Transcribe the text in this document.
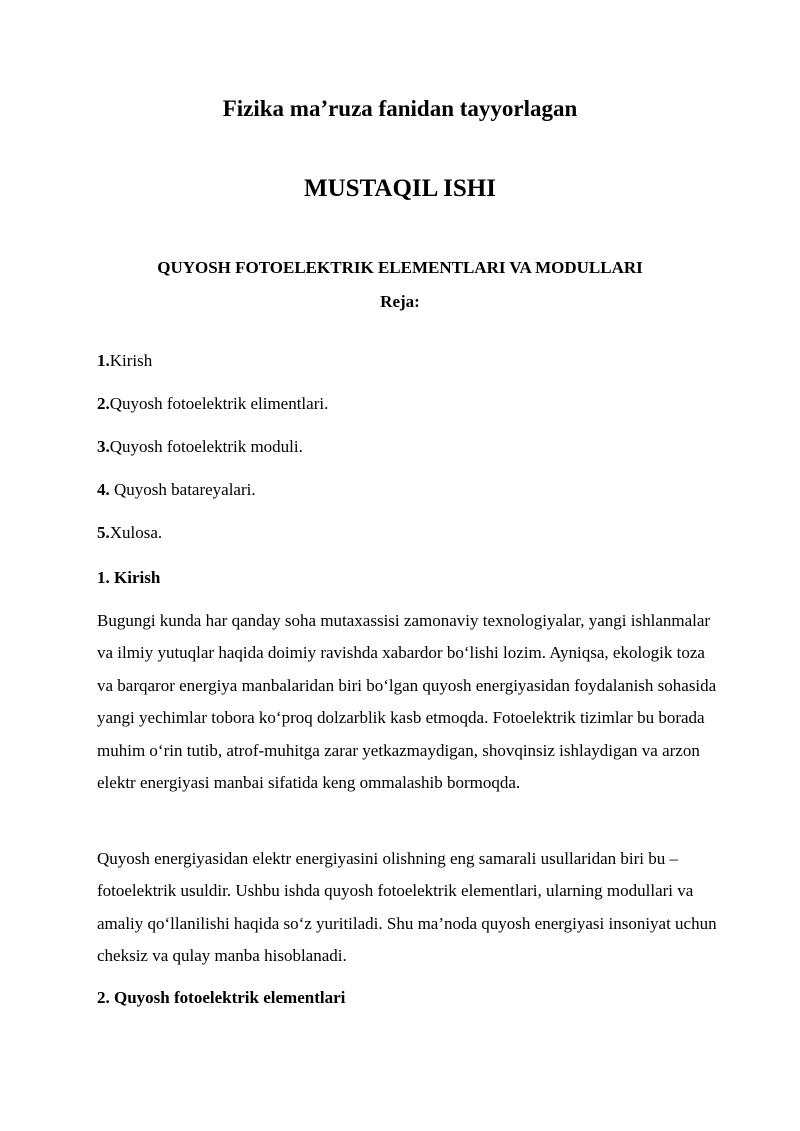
Fizika ma’ruza fanidan tayyorlagan

MUSTAQIL ISHI

QUYOSH FOTOELEKTRIK ELEMENTLARI VA MODULLARI

Reja:

1.Kirish
2.Quyosh fotoelektrik elimentlari.
3.Quyosh fotoelektrik moduli.
4. Quyosh batareyalari.
5.Xulosa.

1. Kirish

Bugungi kunda har qanday soha mutaxassisi zamonaviy texnologiyalar, yangi ishlanmalar va ilmiy yutuqlar haqida doimiy ravishda xabardor bo‘lishi lozim. Ayniqsa, ekologik toza va barqaror energiya manbalaridan biri bo‘lgan quyosh energiyasidan foydalanish sohasida yangi yechimlar tobora ko‘proq dolzarblik kasb etmoqda. Fotoelektrik tizimlar bu borada muhim o‘rin tutib, atrof-muhitga zarar yetkazmaydigan, shovqinsiz ishlaydigan va arzon elektr energiyasi manbai sifatida keng ommalashib bormoqda.

Quyosh energiyasidan elektr energiyasini olishning eng samarali usullaridan biri bu – fotoelektrik usuldir. Ushbu ishda quyosh fotoelektrik elementlari, ularning modullari va amaliy qo‘llanilishi haqida so‘z yuritiladi. Shu ma’noda quyosh energiyasi insoniyat uchun cheksiz va qulay manba hisoblanadi.

2. Quyosh fotoelektrik elementlari
